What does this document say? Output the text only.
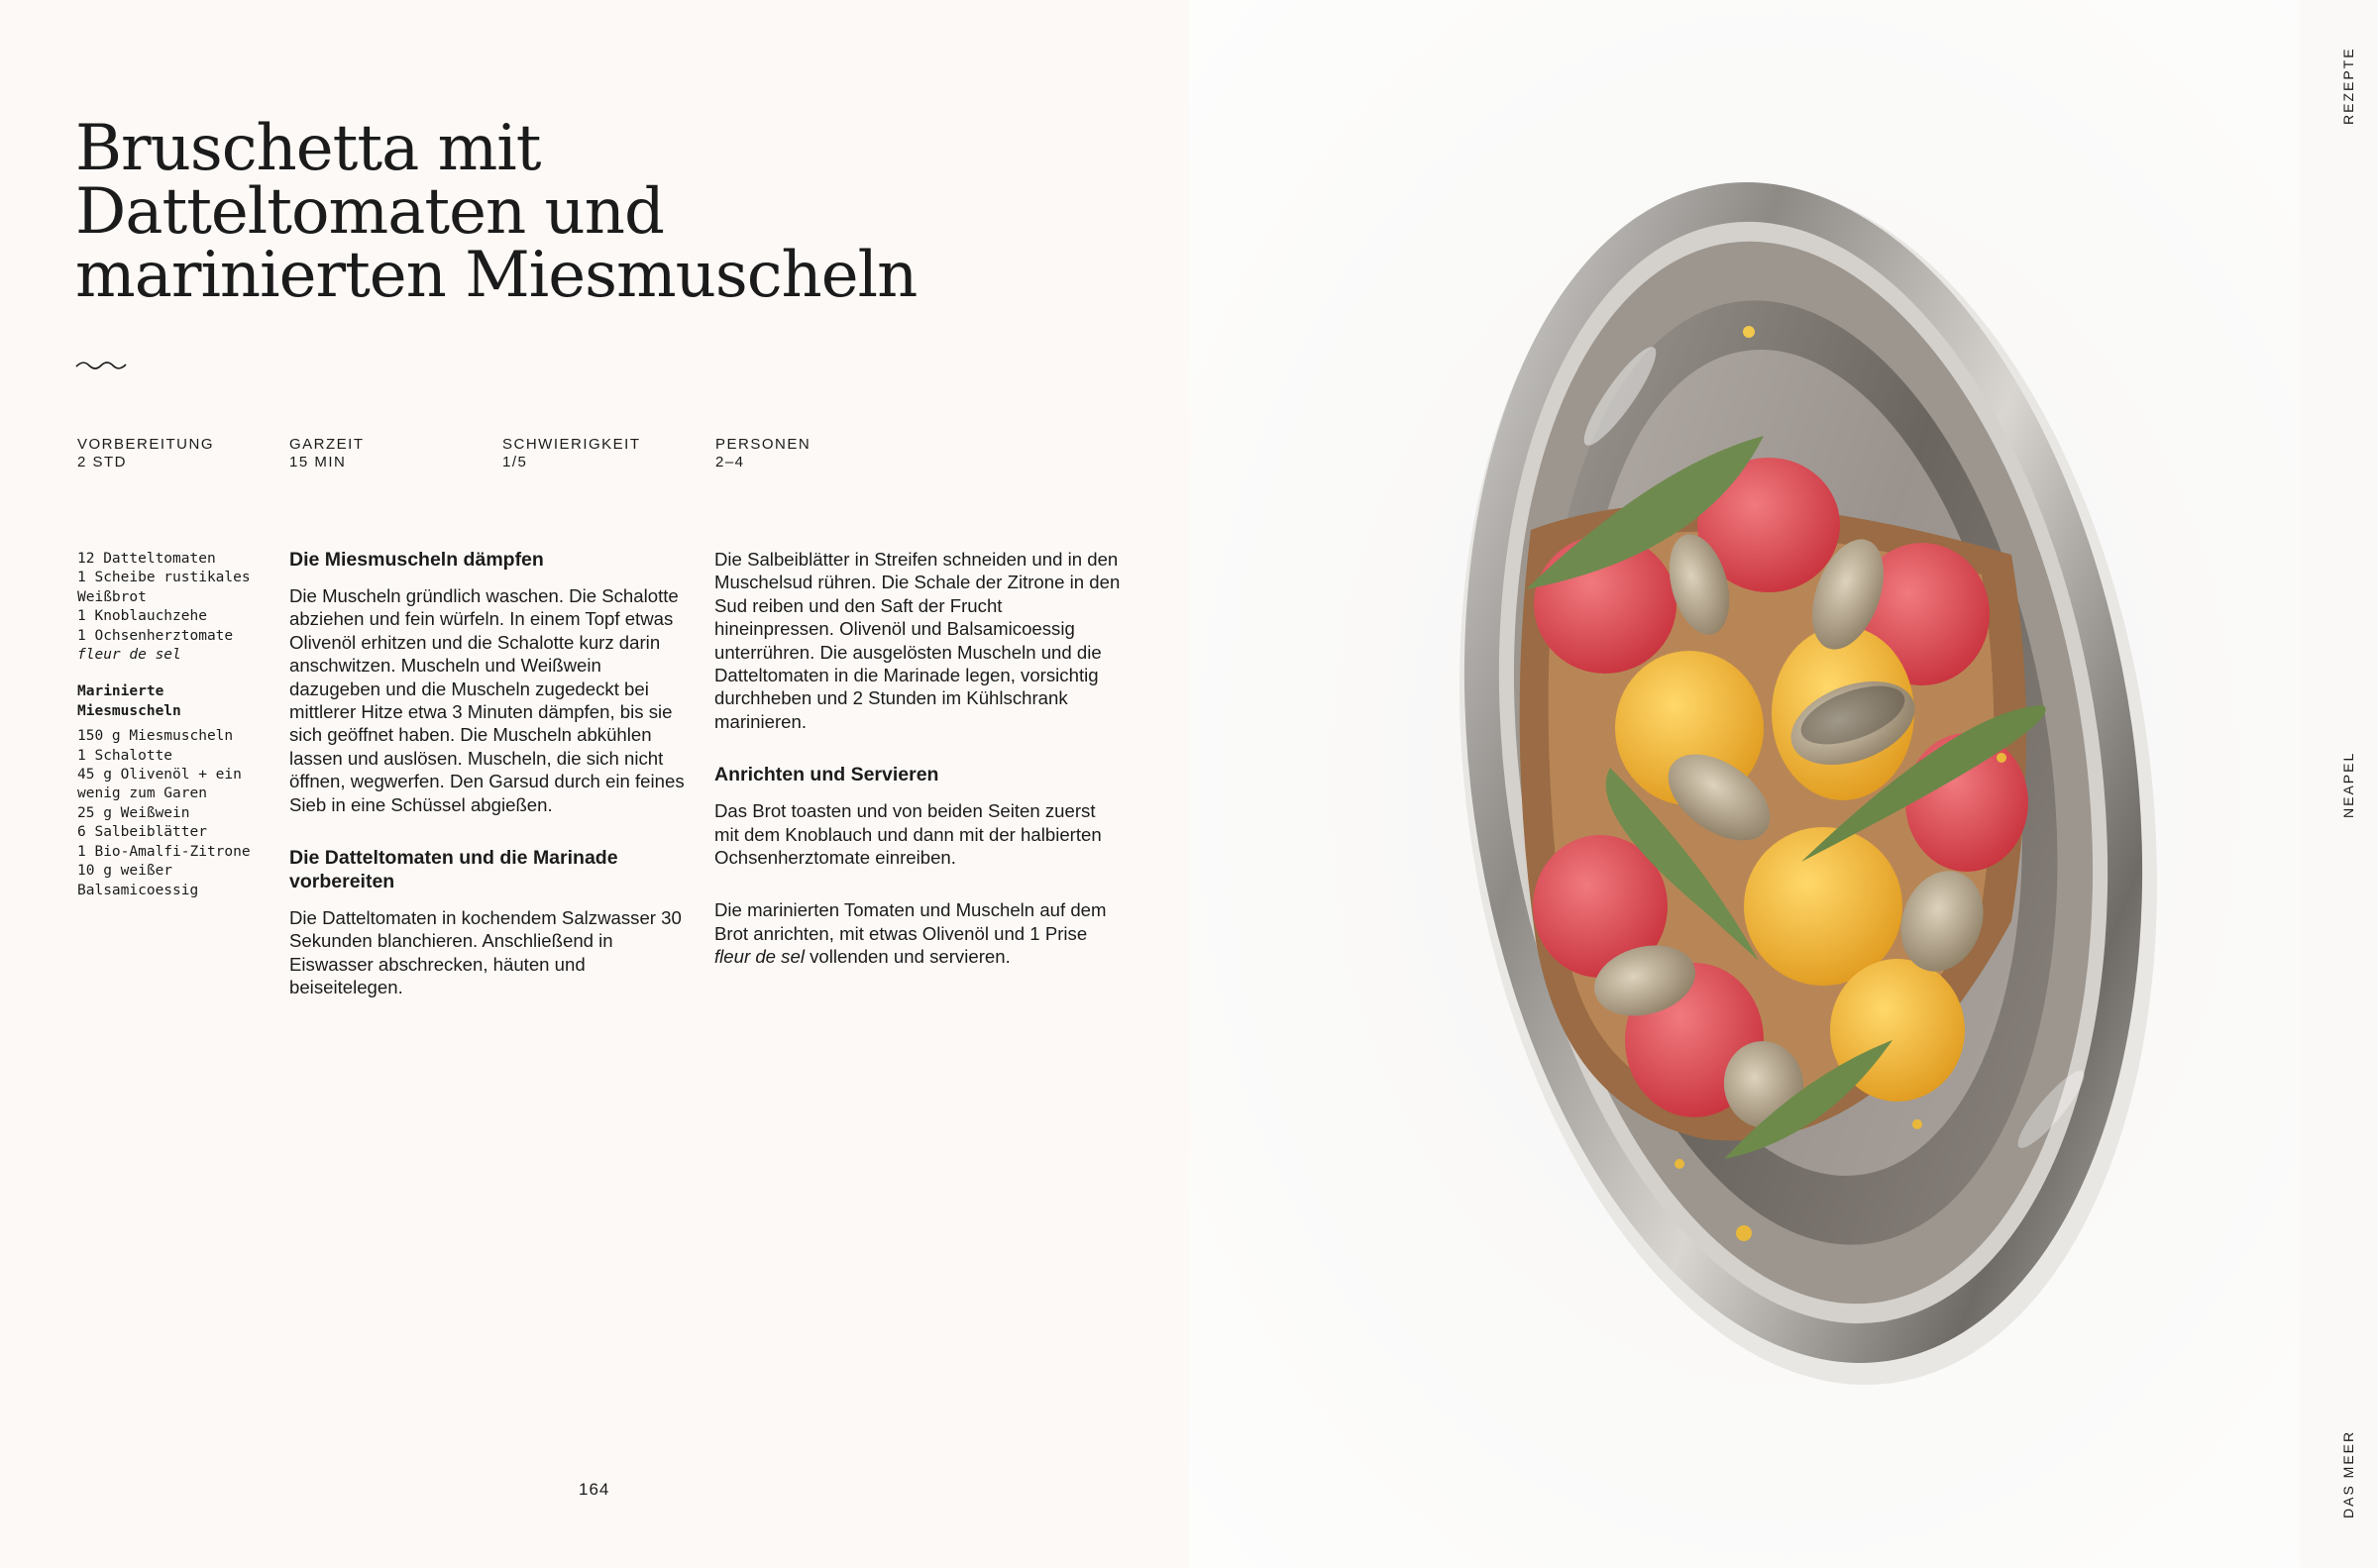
Bruschetta mit
Datteltomaten und
marinierten Miesmuscheln
VORBEREITUNG
2 STD
GARZEIT
15 MIN
SCHWIERIGKEIT
1/5
PERSONEN
2–4
12 Datteltomaten
1 Scheibe rustikales
Weißbrot
1 Knoblauchzehe
1 Ochsenherztomate
fleur de sel
Marinierte
Miesmuscheln
150 g Miesmuscheln
1 Schalotte
45 g Olivenöl + ein
wenig zum Garen
25 g Weißwein
6 Salbeiblätter
1 Bio-Amalfi-Zitrone
10 g weißer
Balsamicoessig
Die Miesmuscheln dämpfen

Die Muscheln gründlich waschen. Die Schalotte abziehen und fein würfeln. In einem Topf etwas Olivenöl erhitzen und die Schalotte kurz darin anschwitzen. Muscheln und Weißwein dazugeben und die Muscheln zugedeckt bei mittlerer Hitze etwa 3 Minuten dämpfen, bis sie sich geöffnet haben. Die Muscheln abkühlen lassen und auslösen. Muscheln, die sich nicht öffnen, wegwerfen. Den Garsud durch ein feines Sieb in eine Schüssel abgießen.

Die Datteltomaten und die Marinade vorbereiten

Die Datteltomaten in kochendem Salzwasser 30 Sekunden blanchieren. Anschließend in Eiswasser abschrecken, häuten und beiseitelegen.

Die Salbeiblätter in Streifen schneiden und in den Muschelsud rühren. Die Schale der Zitrone in den Sud reiben und den Saft der Frucht hineinpressen. Olivenöl und Balsamicoessig unterrühren. Die ausgelösten Muscheln und die Datteltomaten in die Marinade legen, vorsichtig durchheben und 2 Stunden im Kühlschrank marinieren.

Anrichten und Servieren

Das Brot toasten und von beiden Seiten zuerst mit dem Knoblauch und dann mit der halbierten Ochsenherztomate einreiben.

Die marinierten Tomaten und Muscheln auf dem Brot anrichten, mit etwas Olivenöl und 1 Prise fleur de sel vollenden und servieren.

164
REZEPTE
NEAPEL
DAS MEER
